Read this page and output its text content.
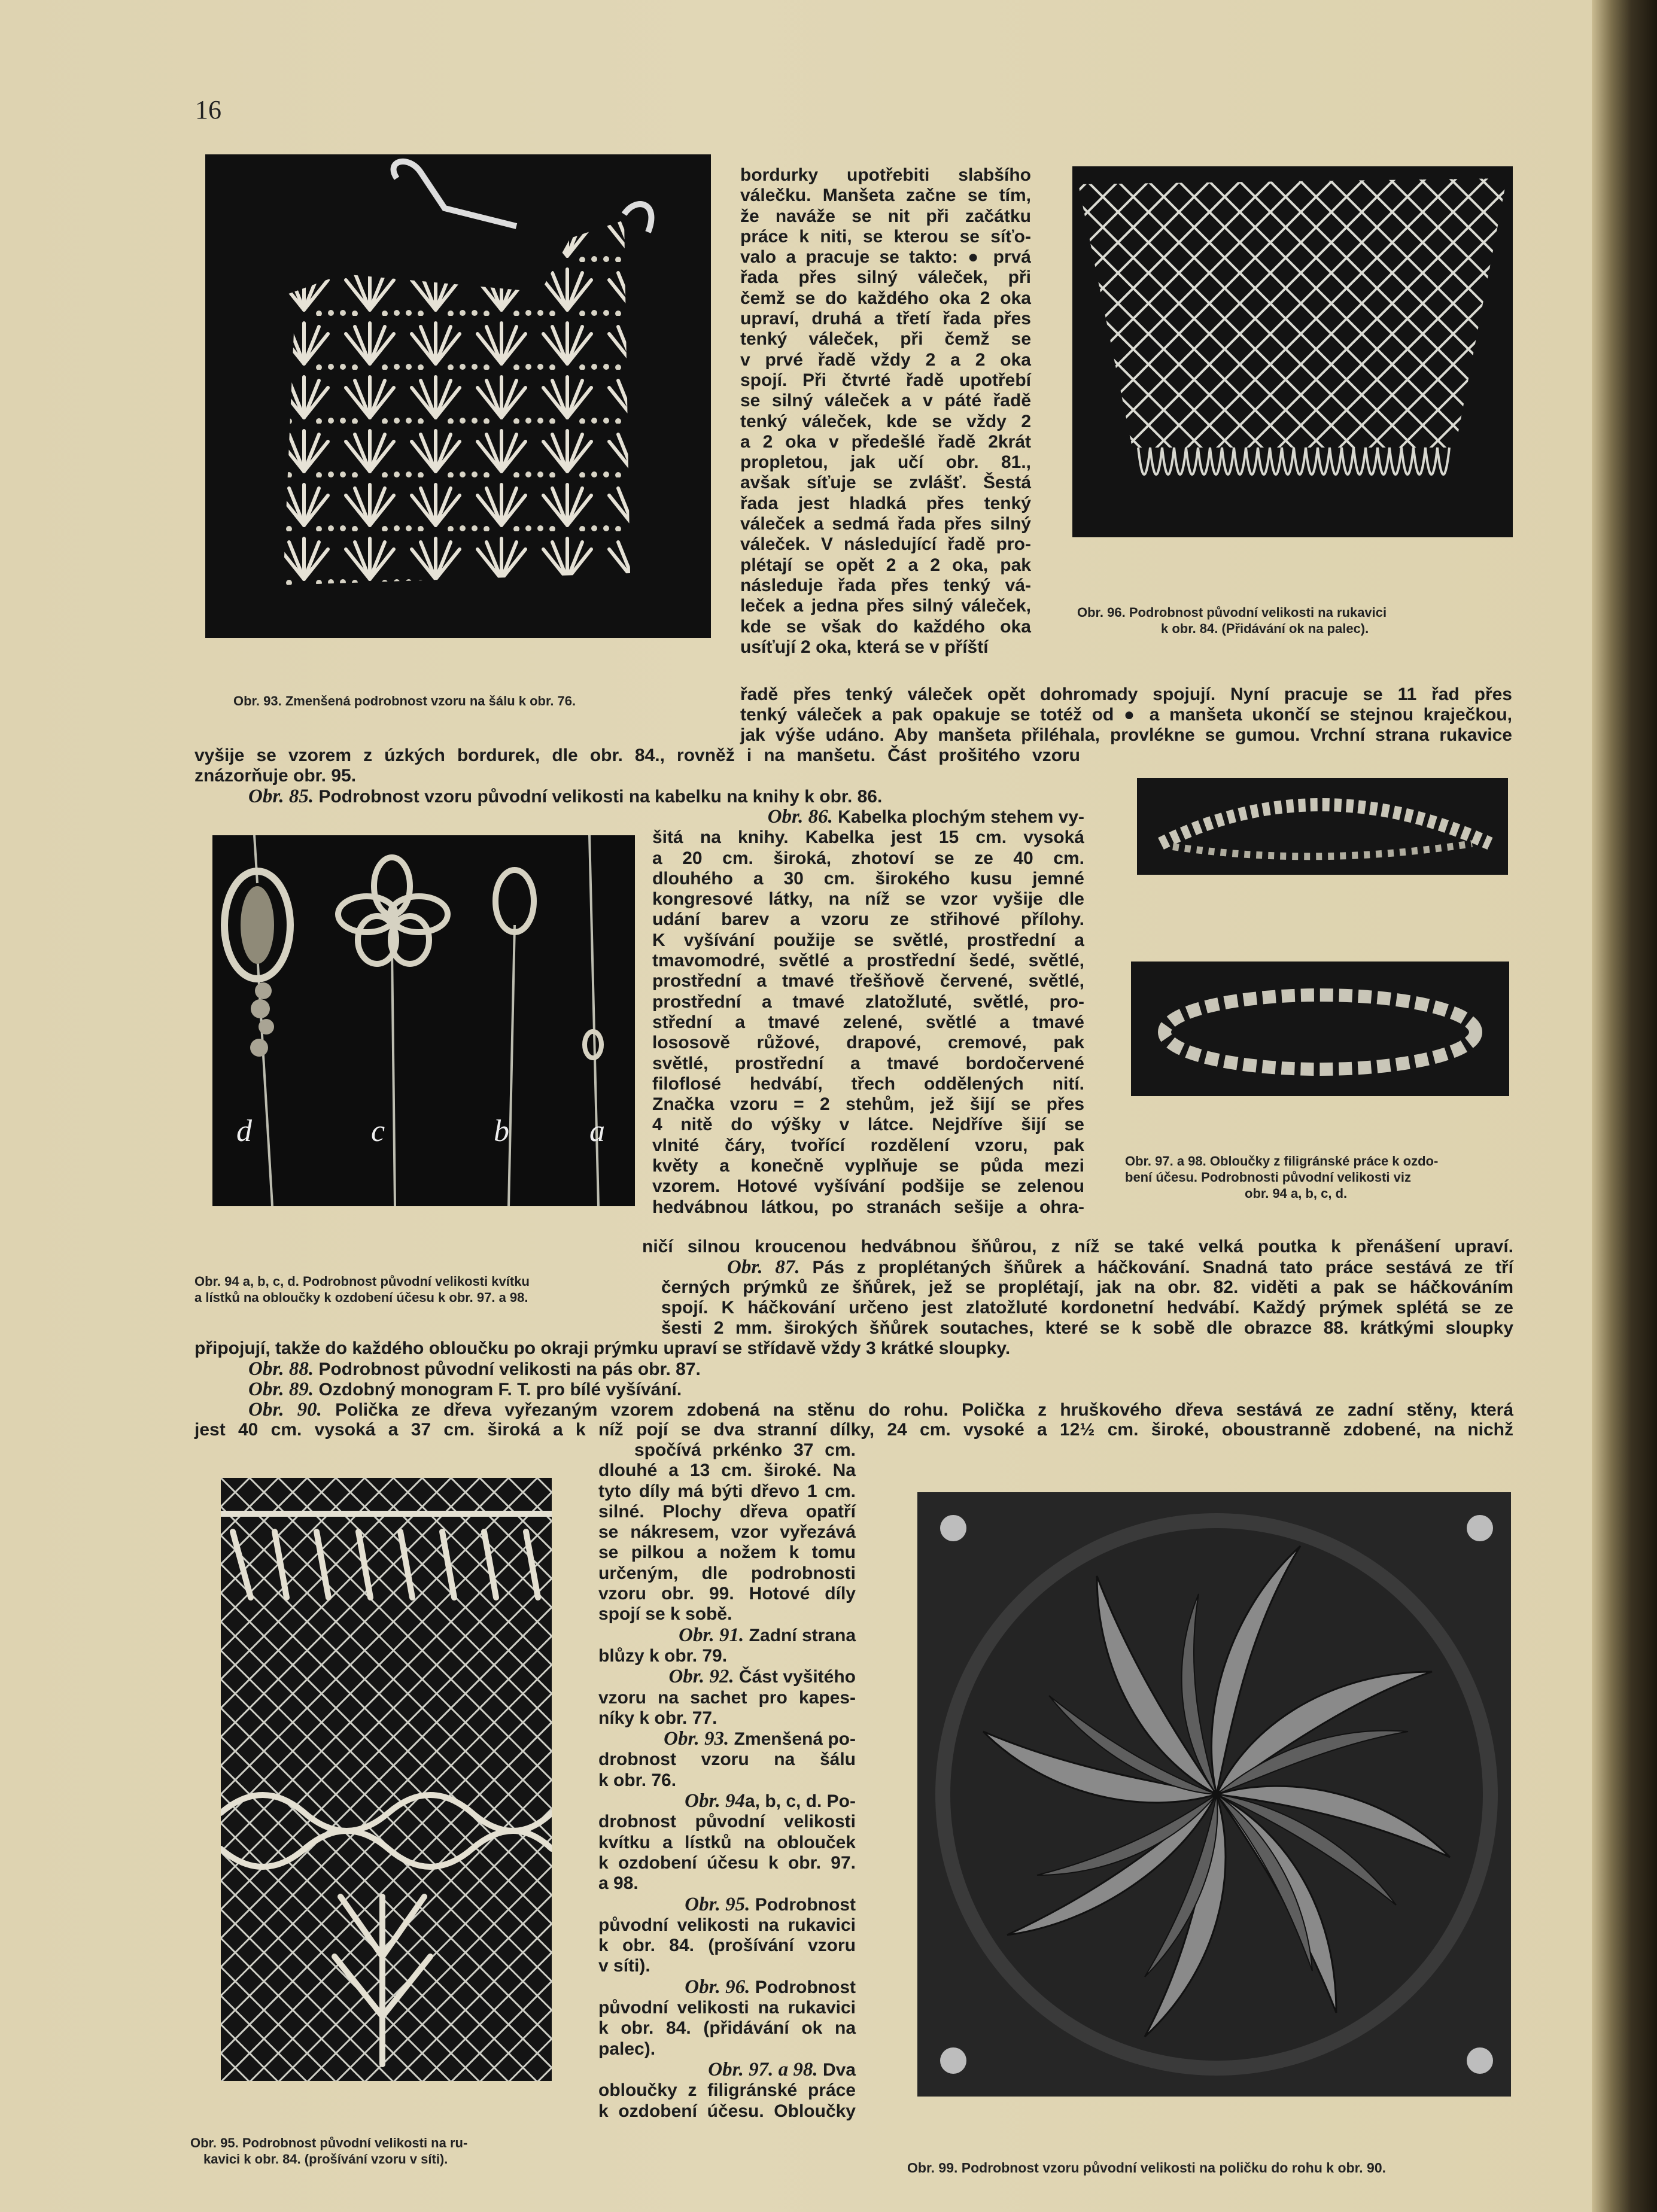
16
Obr. 93. Zmenšená podrobnost vzoru na šálu k obr. 76.
Obr. 96. Podrobnost původní velikosti na rukavici
k obr. 84. (Přidávání ok na palec).
bordurky upotřebiti slabšího
válečku. Manšeta začne se tím,
že naváže se nit při začátku
práce k niti, se kterou se síťo-
valo a pracuje se takto: ● prvá
řada přes silný váleček, při
čemž se do každého oka 2 oka
upraví, druhá a třetí řada přes
tenký váleček, při čemž se
v prvé řadě vždy 2 a 2 oka
spojí. Při čtvrté řadě upotřebí
se silný váleček a v páté řadě
tenký váleček, kde se vždy 2
a 2 oka v předešlé řadě 2krát
propletou, jak učí obr. 81.,
avšak síťuje se zvlášť. Šestá
řada jest hladká přes tenký
váleček a sedmá řada přes silný
váleček. V následující řadě pro-
plétají se opět 2 a 2 oka, pak
následuje řada přes tenký vá-
leček a jedna přes silný váleček,
kde se však do každého oka
usíťují 2 oka, která se v příští
řadě přes tenký váleček opět dohromady spojují. Nyní pracuje se 11 řad přes
tenký váleček a pak opakuje se totéž od ● a manšeta ukončí se stejnou kraječkou,
jak výše udáno. Aby manšeta přiléhala, provlékne se gumou. Vrchní strana rukavice
vyšije se vzorem z úzkých bordurek, dle obr. 84., rovněž i na manšetu. Část prošitého vzoru
znázorňuje obr. 95.
Obr. 85. Podrobnost vzoru původní velikosti na kabelku na knihy k obr. 86.
d	c	b	a
Obr. 94 a, b, c, d. Podrobnost původní velikosti kvítku
a lístků na obloučky k ozdobení účesu k obr. 97. a 98.
Obr. 86. Kabelka plochým stehem vy-
šitá na knihy. Kabelka jest 15 cm. vysoká
a 20 cm. široká, zhotoví se ze 40 cm.
dlouhého a 30 cm. širokého kusu jemné
kongresové látky, na níž se vzor vyšije dle
udání barev a vzoru ze střihové přílohy.
K vyšívání použije se světlé, prostřední a
tmavomodré, světlé a prostřední šedé, světlé,
prostřední a tmavé třešňově červené, světlé,
prostřední a tmavé zlatožluté, světlé, pro-
střední a tmavé zelené, světlé a tmavé
lososově růžové, drapové, cremové, pak
světlé, prostřední a tmavé bordočervené
filoflosé hedvábí, třech oddělených nití.
Značka vzoru = 2 stehům, jež šijí se přes
4 nitě do výšky v látce. Nejdříve šijí se
vlnité čáry, tvořící rozdělení vzoru, pak
květy a konečně vyplňuje se půda mezi
vzorem. Hotové vyšívání podšije se zelenou
hedvábnou látkou, po stranách sešije a ohra-
ničí silnou kroucenou hedvábnou šňůrou, z níž se také velká poutka k přenášení upraví.
Obr. 97. a 98. Obloučky z filigránské práce k ozdo-
bení účesu. Podrobnosti původní velikosti viz
obr. 94 a, b, c, d.
Obr. 87. Pás z proplétaných šňůrek a háčkování. Snadná tato práce sestává ze tří
černých prýmků ze šňůrek, jež se proplétají, jak na obr. 82. viděti a pak se háčkováním
spojí. K háčkování určeno jest zlatožluté kordonetní hedvábí. Každý prýmek splétá se ze
šesti 2 mm. širokých šňůrek soutaches, které se k sobě dle obrazce 88. krátkými sloupky
připojují, takže do každého obloučku po okraji prýmku upraví se střídavě vždy 3 krátké sloupky.
Obr. 88. Podrobnost původní velikosti na pás obr. 87.
Obr. 89. Ozdobný monogram F. T. pro bílé vyšívání.
Obr. 90. Polička ze dřeva vyřezaným vzorem zdobená na stěnu do rohu. Polička z hruškového dřeva sestává ze zadní stěny, která
jest 40 cm. vysoká a 37 cm. široká a k níž pojí se dva stranní dílky, 24 cm. vysoké a 12½ cm. široké, oboustranně zdobené, na nichž
Obr. 95. Podrobnost původní velikosti na ru-
kavici k obr. 84. (prošívání vzoru v síti).
spočívá prkénko 37 cm.
dlouhé a 13 cm. široké. Na
tyto díly má býti dřevo 1 cm.
silné. Plochy dřeva opatří
se nákresem, vzor vyřezává
se pilkou a nožem k tomu
určeným, dle podrobnosti
vzoru obr. 99. Hotové díly
spojí se k sobě.
Obr. 91. Zadní strana
blůzy k obr. 79.
Obr. 92. Část vyšitého
vzoru na sachet pro kapes-
níky k obr. 77.
Obr. 93. Zmenšená po-
drobnost vzoru na šálu
k obr. 76.
Obr. 94a, b, c, d. Po-
drobnost původní velikosti
kvítku a lístků na oblouček
k ozdobení účesu k obr. 97.
a 98.
Obr. 95. Podrobnost
původní velikosti na rukavici
k obr. 84. (prošívání vzoru
v síti).
Obr. 96. Podrobnost
původní velikosti na rukavici
k obr. 84. (přidávání ok na
palec).
Obr. 97. a 98. Dva
obloučky z filigránské práce
k ozdobení účesu. Obloučky
Obr. 99. Podrobnost vzoru původní velikosti na poličku do rohu k obr. 90.
